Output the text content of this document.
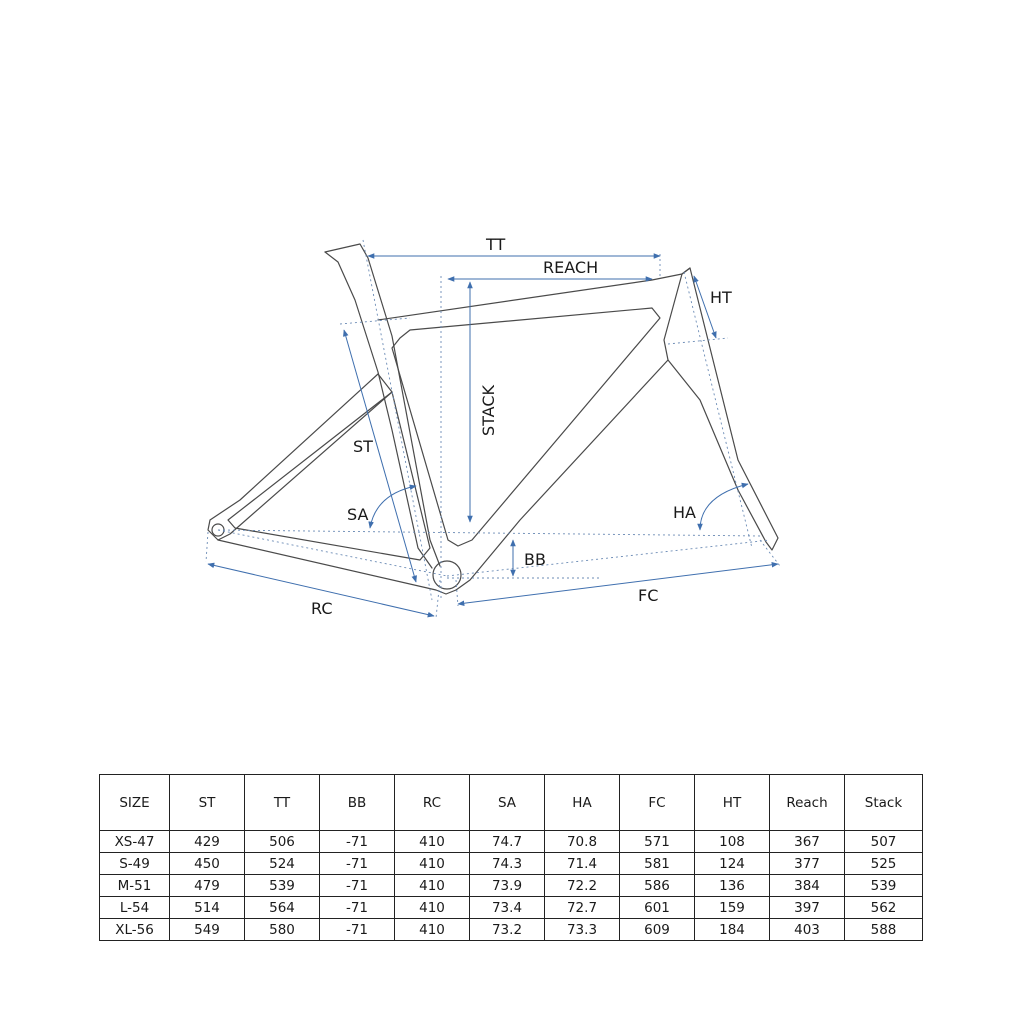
TT
REACH
HT
STACK
ST
SA	HA
BB
RC
FC
SIZE	ST	TT	BB	RC	SA	HA	FC	HT	Reach	Stack
XS-47	429	506	-71	410	74.7	70.8	571	108	367	507
S-49	450	524	-71	410	74.3	71.4	581	124	377	525
M-51	479	539	-71	410	73.9	72.2	586	136	384	539
L-54	514	564	-71	410	73.4	72.7	601	159	397	562
XL-56	549	580	-71	410	73.2	73.3	609	184	403	588
